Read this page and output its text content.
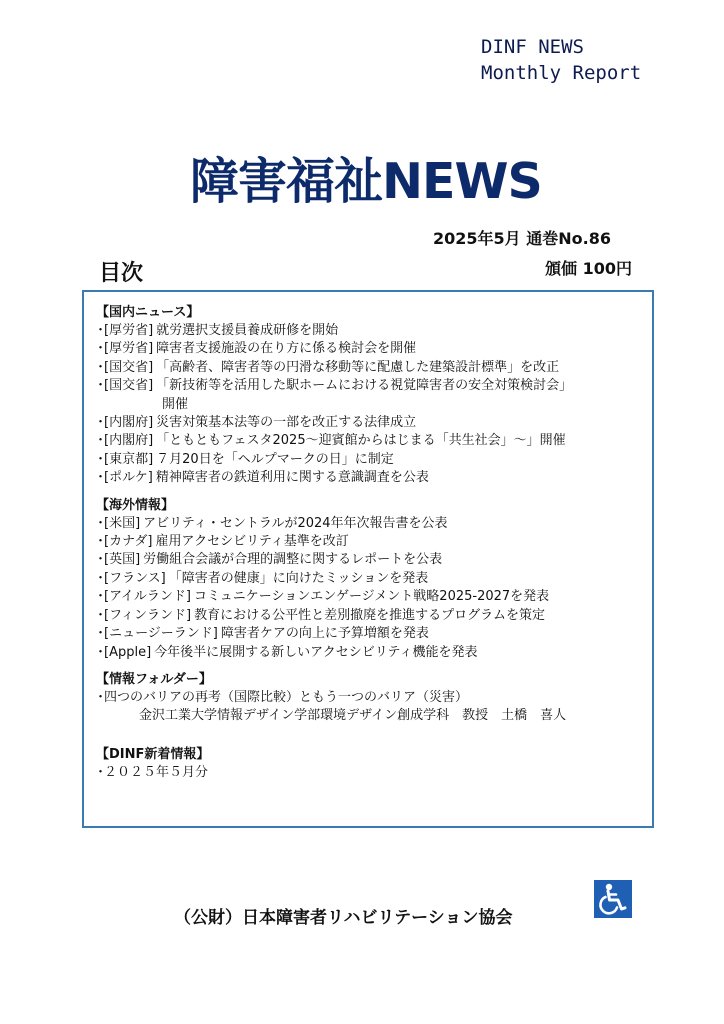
DINF NEWS
Monthly Report
障害福祉NEWS
2025年5月 通巻No.86
頒価 100円
目次
【国内ニュース】
・[厚労省] 就労選択支援員養成研修を開始
・[厚労省] 障害者支援施設の在り方に係る検討会を開催
・[国交省] 「高齢者、障害者等の円滑な移動等に配慮した建築設計標準」を改正
・[国交省] 「新技術等を活用した駅ホームにおける視覚障害者の安全対策検討会」
開催
・[内閣府] 災害対策基本法等の一部を改正する法律成立
・[内閣府] 「ともともフェスタ2025～迎賓館からはじまる「共生社会」～」開催
・[東京都] ７月20日を「ヘルプマークの日」に制定
・[ポルケ] 精神障害者の鉄道利用に関する意識調査を公表
【海外情報】
・[米国] アビリティ・セントラルが2024年年次報告書を公表
・[カナダ] 雇用アクセシビリティ基準を改訂
・[英国] 労働組合会議が合理的調整に関するレポートを公表
・[フランス] 「障害者の健康」に向けたミッションを発表
・[アイルランド] コミュニケーションエンゲージメント戦略2025-2027を発表
・[フィンランド] 教育における公平性と差別撤廃を推進するプログラムを策定
・[ニュージーランド] 障害者ケアの向上に予算増額を発表
・[Apple] 今年後半に展開する新しいアクセシビリティ機能を発表
【情報フォルダー】
・四つのバリアの再考（国際比較）ともう一つのバリア（災害）
金沢工業大学情報デザイン学部環境デザイン創成学科　教授　土橋　喜人
【DINF新着情報】
・２０２５年５月分
（公財）日本障害者リハビリテーション協会
